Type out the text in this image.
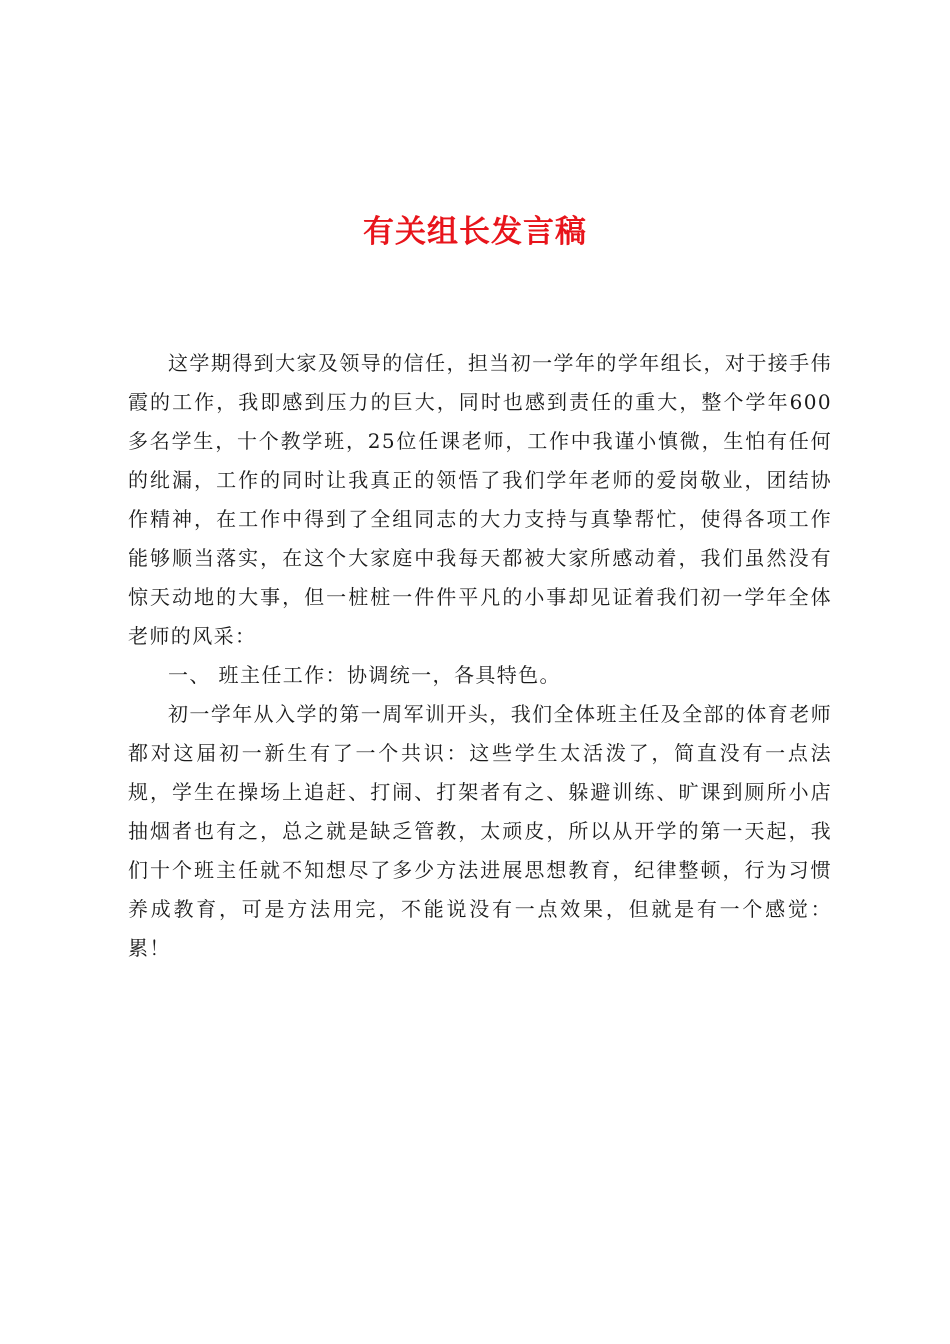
有关组长发言稿

这学期得到大家及领导的信任，担当初一学年的学年组长，对于接手伟霞的工作，我即感到压力的巨大，同时也感到责任的重大，整个学年600多名学生，十个教学班，25位任课老师，工作中我谨小慎微，生怕有任何的纰漏，工作的同时让我真正的领悟了我们学年老师的爱岗敬业，团结协作精神，在工作中得到了全组同志的大力支持与真挚帮忙，使得各项工作能够顺当落实，在这个大家庭中我每天都被大家所感动着，我们虽然没有惊天动地的大事，但一桩桩一件件平凡的小事却见证着我们初一学年全体老师的风采：

一、 班主任工作：协调统一，各具特色。

初一学年从入学的第一周军训开头，我们全体班主任及全部的体育老师都对这届初一新生有了一个共识：这些学生太活泼了，简直没有一点法规，学生在操场上追赶、打闹、打架者有之、躲避训练、旷课到厕所小店抽烟者也有之，总之就是缺乏管教，太顽皮，所以从开学的第一天起，我们十个班主任就不知想尽了多少方法进展思想教育，纪律整顿，行为习惯养成教育，可是方法用完，不能说没有一点效果，但就是有一个感觉：累！
